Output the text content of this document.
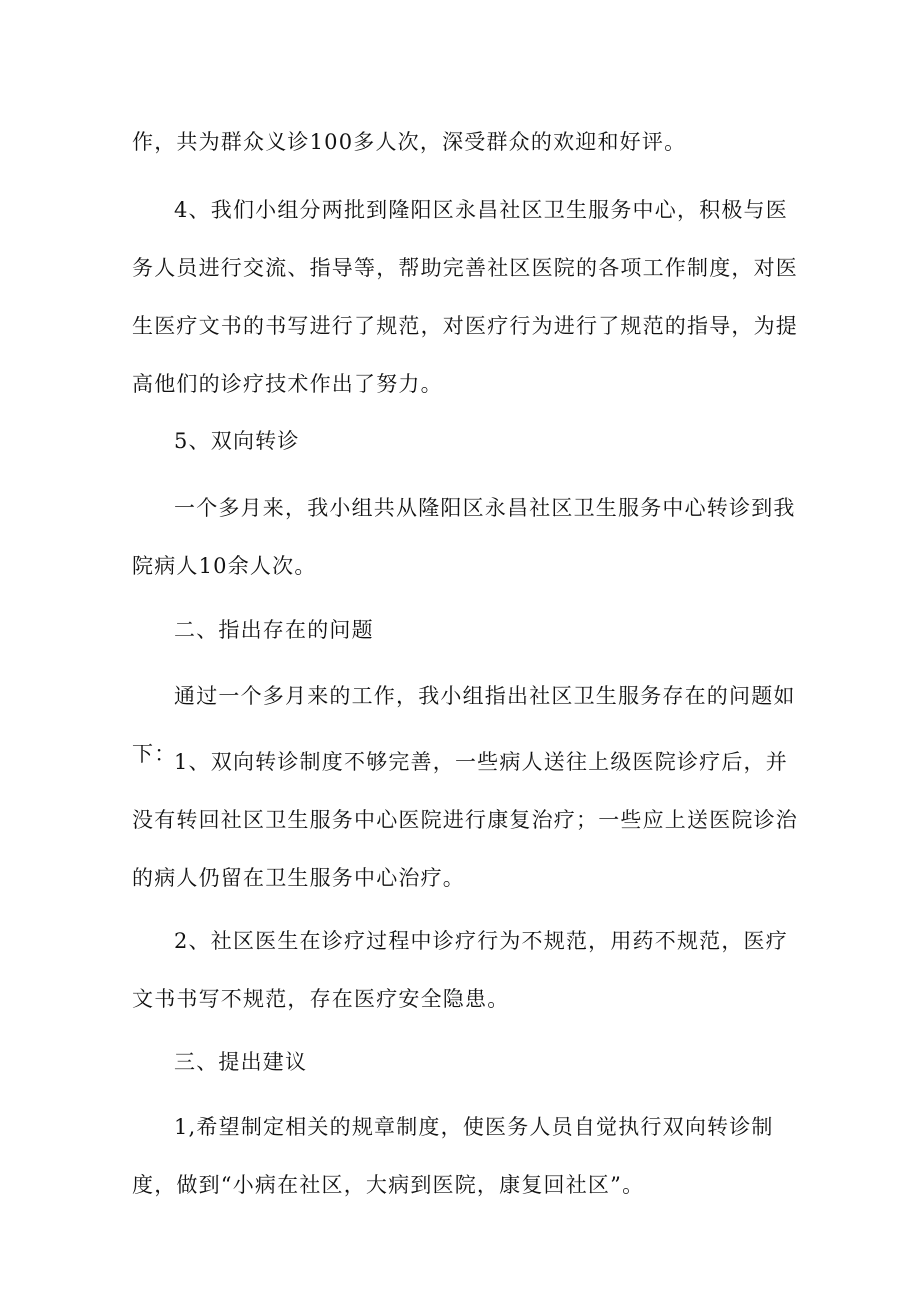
作，共为群众义诊100多人次，深受群众的欢迎和好评。

4、我们小组分两批到隆阳区永昌社区卫生服务中心，积极与医务人员进行交流、指导等，帮助完善社区医院的各项工作制度，对医生医疗文书的书写进行了规范，对医疗行为进行了规范的指导，为提高他们的诊疗技术作出了努力。

5、双向转诊

一个多月来，我小组共从隆阳区永昌社区卫生服务中心转诊到我院病人10余人次。

二、指出存在的问题

通过一个多月来的工作，我小组指出社区卫生服务存在的问题如下：

1、双向转诊制度不够完善，一些病人送往上级医院诊疗后，并没有转回社区卫生服务中心医院进行康复治疗；一些应上送医院诊治的病人仍留在卫生服务中心治疗。

2、社区医生在诊疗过程中诊疗行为不规范，用药不规范，医疗文书书写不规范，存在医疗安全隐患。

三、提出建议

1,希望制定相关的规章制度，使医务人员自觉执行双向转诊制度，做到“小病在社区，大病到医院，康复回社区”。
